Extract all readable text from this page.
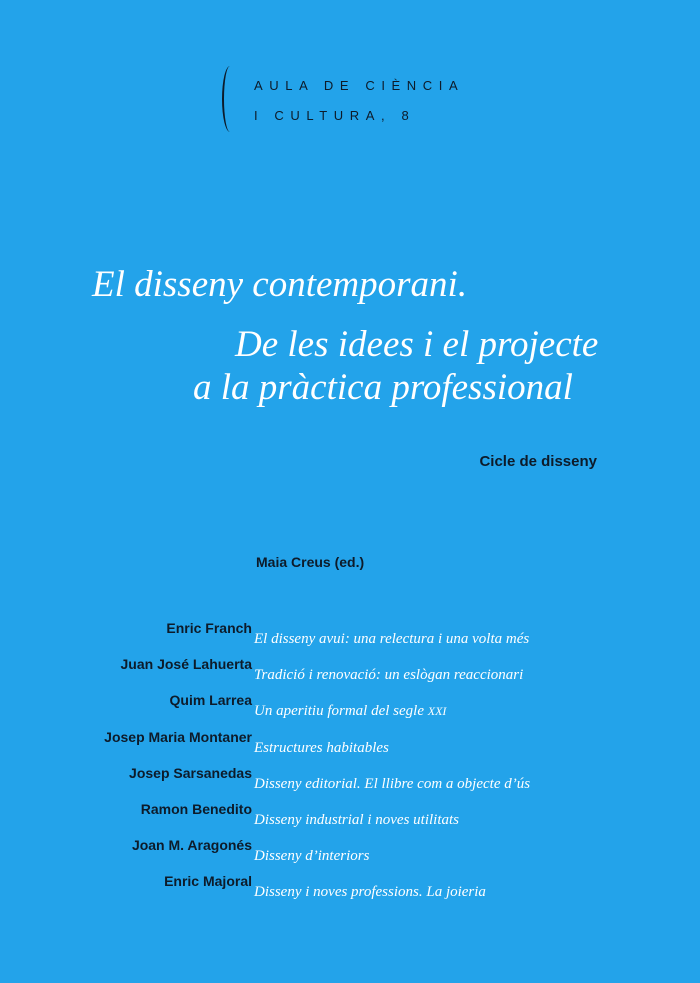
AULA DE CIÈNCIA
I CULTURA, 8
El disseny contemporani.
De les idees i el projecte
a la pràctica professional
Cicle de disseny
Maia Creus (ed.)
Enric Franch
El disseny avui: una relectura i una volta més
Juan José Lahuerta
Tradició i renovació: un eslògan reaccionari
Quim Larrea
Un aperitiu formal del segle XXI
Josep Maria Montaner
Estructures habitables
Josep Sarsanedas
Disseny editorial. El llibre com a objecte d’ús
Ramon Benedito
Disseny industrial i noves utilitats
Joan M. Aragonés
Disseny d’interiors
Enric Majoral
Disseny i noves professions. La joieria
